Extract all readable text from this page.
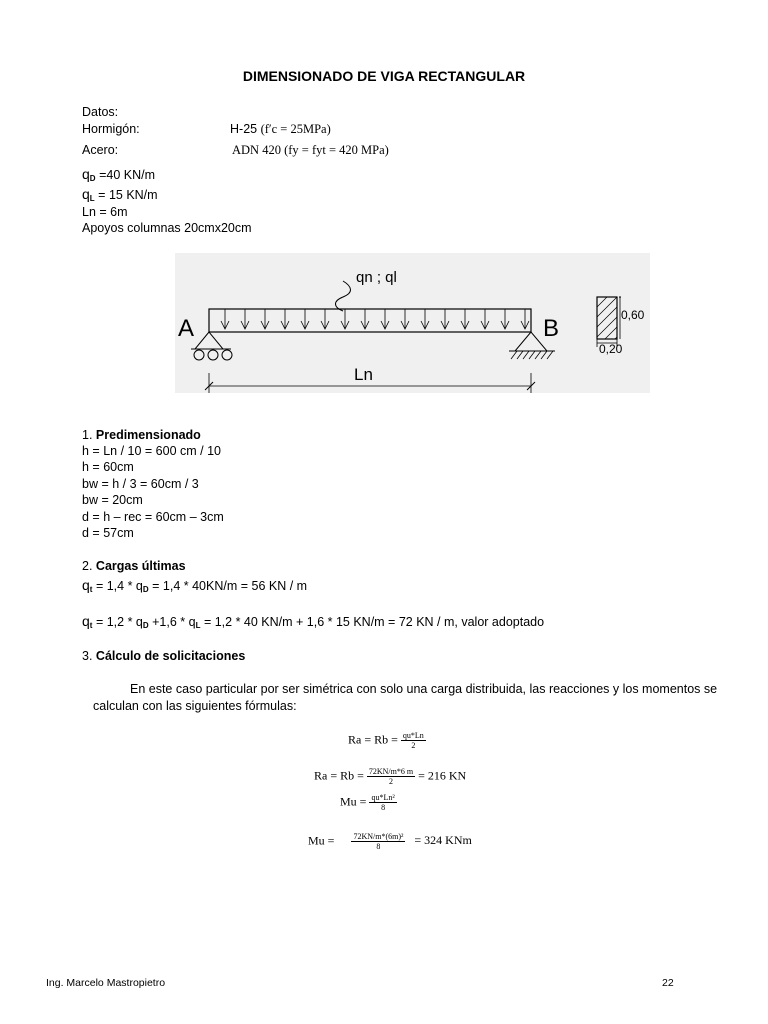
DIMENSIONADO DE VIGA RECTANGULAR
Datos:
Hormigón:	H-25 (f′c = 25MPa)
Acero:	ADN 420 (fy = fyt = 420 MPa)
$q_D =40$ KN/m
$q_L = 15$ KN/m
Ln = 6m
Apoyos columnas 20cmx20cm
qn ; ql
A	B
Ln
0,60
0,20
1. Predimensionado
h = Ln / 10 = 600 cm / 10
h = 60cm
bw = h / 3 = 60cm / 3
bw = 20cm
d = h – rec = 60cm – 3cm
d = 57cm
2. Cargas últimas
$q_t = 1,4 * q_D = 1,4 * 40KN/m = 56$ KN / m
$q_t = 1,2 * q_D +1,6 * q_L = 1,2 * 40$ KN/m + 1,6 * 15 KN/m = 72 KN / m, valor adoptado
3. Cálculo de solicitaciones
En este caso particular por ser simétrica con solo una carga distribuida, las reacciones y los momentos se
calculan con las siguientes fórmulas:
$Ra = Rb = \frac{qu*Ln}{2}$
$Ra = Rb = \frac{72KN/m*6 m}{2} = 216$ KN
$Mu = \frac{\text{qu*Ln²}}{8}$
$Mu = \frac{\text{72KN/m*(6m)²}}{8} = 324$ KNm
Ing. Marcelo Mastropietro	22
